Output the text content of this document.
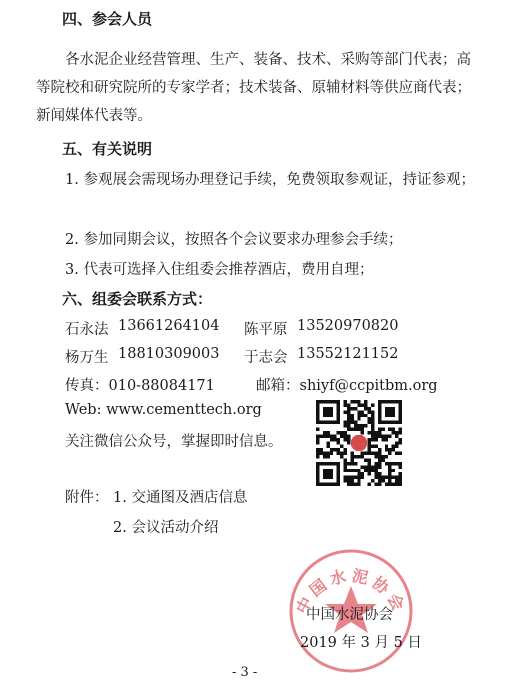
四、参会人员
各水泥企业经营管理、生产、装备、技术、采购等部门代表；高等院校和研究院所的专家学者；技术装备、原辅材料等供应商代表；新闻媒体代表等。
五、有关说明
1. 参观展会需现场办理登记手续，免费领取参观证，持证参观；
2. 参加同期会议，按照各个会议要求办理参会手续；
3. 代表可选择入住组委会推荐酒店，费用自理；
六、组委会联系方式：
石永法 13661264104 陈平原 13520970820
杨万生 18810309003 于志会 13552121152
传真：010-88084171	邮箱：shiyf@ccpitbm.org
Web: www.cementtech.org
关注微信公众号，掌握即时信息。
附件： 1. 交通图及酒店信息
2. 会议活动介绍
中国水泥协会
中国水泥协会
2019 年 3 月 5 日
- 3 -
